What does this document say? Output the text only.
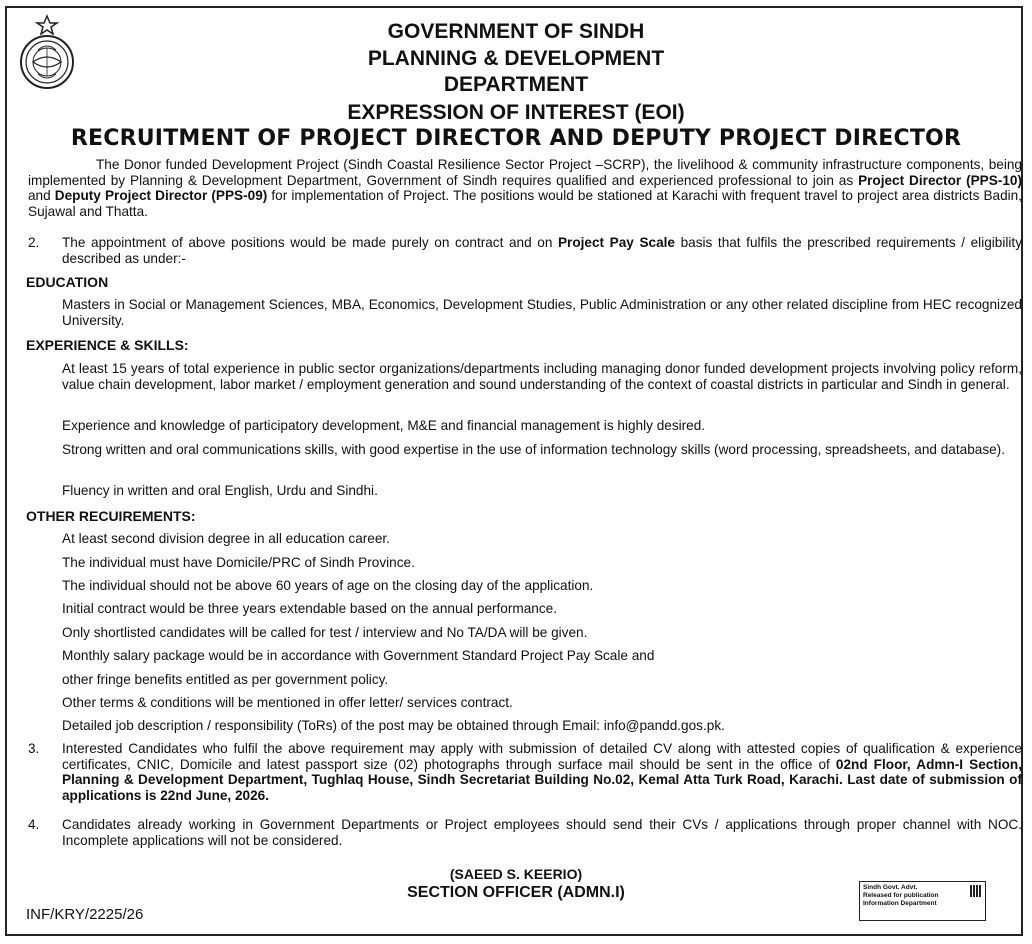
GOVERNMENT OF SINDH
PLANNING & DEVELOPMENT
DEPARTMENT
EXPRESSION OF INTEREST (EOI)
RECRUITMENT OF PROJECT DIRECTOR AND DEPUTY PROJECT DIRECTOR
The Donor funded Development Project (Sindh Coastal Resilience Sector Project –SCRP), the livelihood & community infrastructure components, being implemented by Planning & Development Department, Government of Sindh requires qualified and experienced professional to join as Project Director (PPS-10) and Deputy Project Director (PPS-09) for implementation of Project. The positions would be stationed at Karachi with frequent travel to project area districts Badin, Sujawal and Thatta.
2. The appointment of above positions would be made purely on contract and on Project Pay Scale basis that fulfils the prescribed requirements / eligibility described as under:-
EDUCATION
Masters in Social or Management Sciences, MBA, Economics, Development Studies, Public Administration or any other related discipline from HEC recognized University.
EXPERIENCE & SKILLS:
At least 15 years of total experience in public sector organizations/departments including managing donor funded development projects involving policy reform, value chain development, labor market / employment generation and sound understanding of the context of coastal districts in particular and Sindh in general.
Experience and knowledge of participatory development, M&E and financial management is highly desired.
Strong written and oral communications skills, with good expertise in the use of information technology skills (word processing, spreadsheets, and database).
Fluency in written and oral English, Urdu and Sindhi.
OTHER RECUIREMENTS:
At least second division degree in all education career.
The individual must have Domicile/PRC of Sindh Province.
The individual should not be above 60 years of age on the closing day of the application.
Initial contract would be three years extendable based on the annual performance.
Only shortlisted candidates will be called for test / interview and No TA/DA will be given.
Monthly salary package would be in accordance with Government Standard Project Pay Scale and
other fringe benefits entitled as per government policy.
Other terms & conditions will be mentioned in offer letter/ services contract.
Detailed job description / responsibility (ToRs) of the post may be obtained through Email: info@pandd.gos.pk.
3. Interested Candidates who fulfil the above requirement may apply with submission of detailed CV along with attested copies of qualification & experience certificates, CNIC, Domicile and latest passport size (02) photographs through surface mail should be sent in the office of 02nd Floor, Admn-I Section, Planning & Development Department, Tughlaq House, Sindh Secretariat Building No.02, Kemal Atta Turk Road, Karachi. Last date of submission of applications is 22nd June, 2026.
4. Candidates already working in Government Departments or Project employees should send their CVs / applications through proper channel with NOC. Incomplete applications will not be considered.
(SAEED S. KEERIO)
SECTION OFFICER (ADMN.I)
INF/KRY/2225/26
Sindh Govt. Advt.
Released for publication
Information Department
